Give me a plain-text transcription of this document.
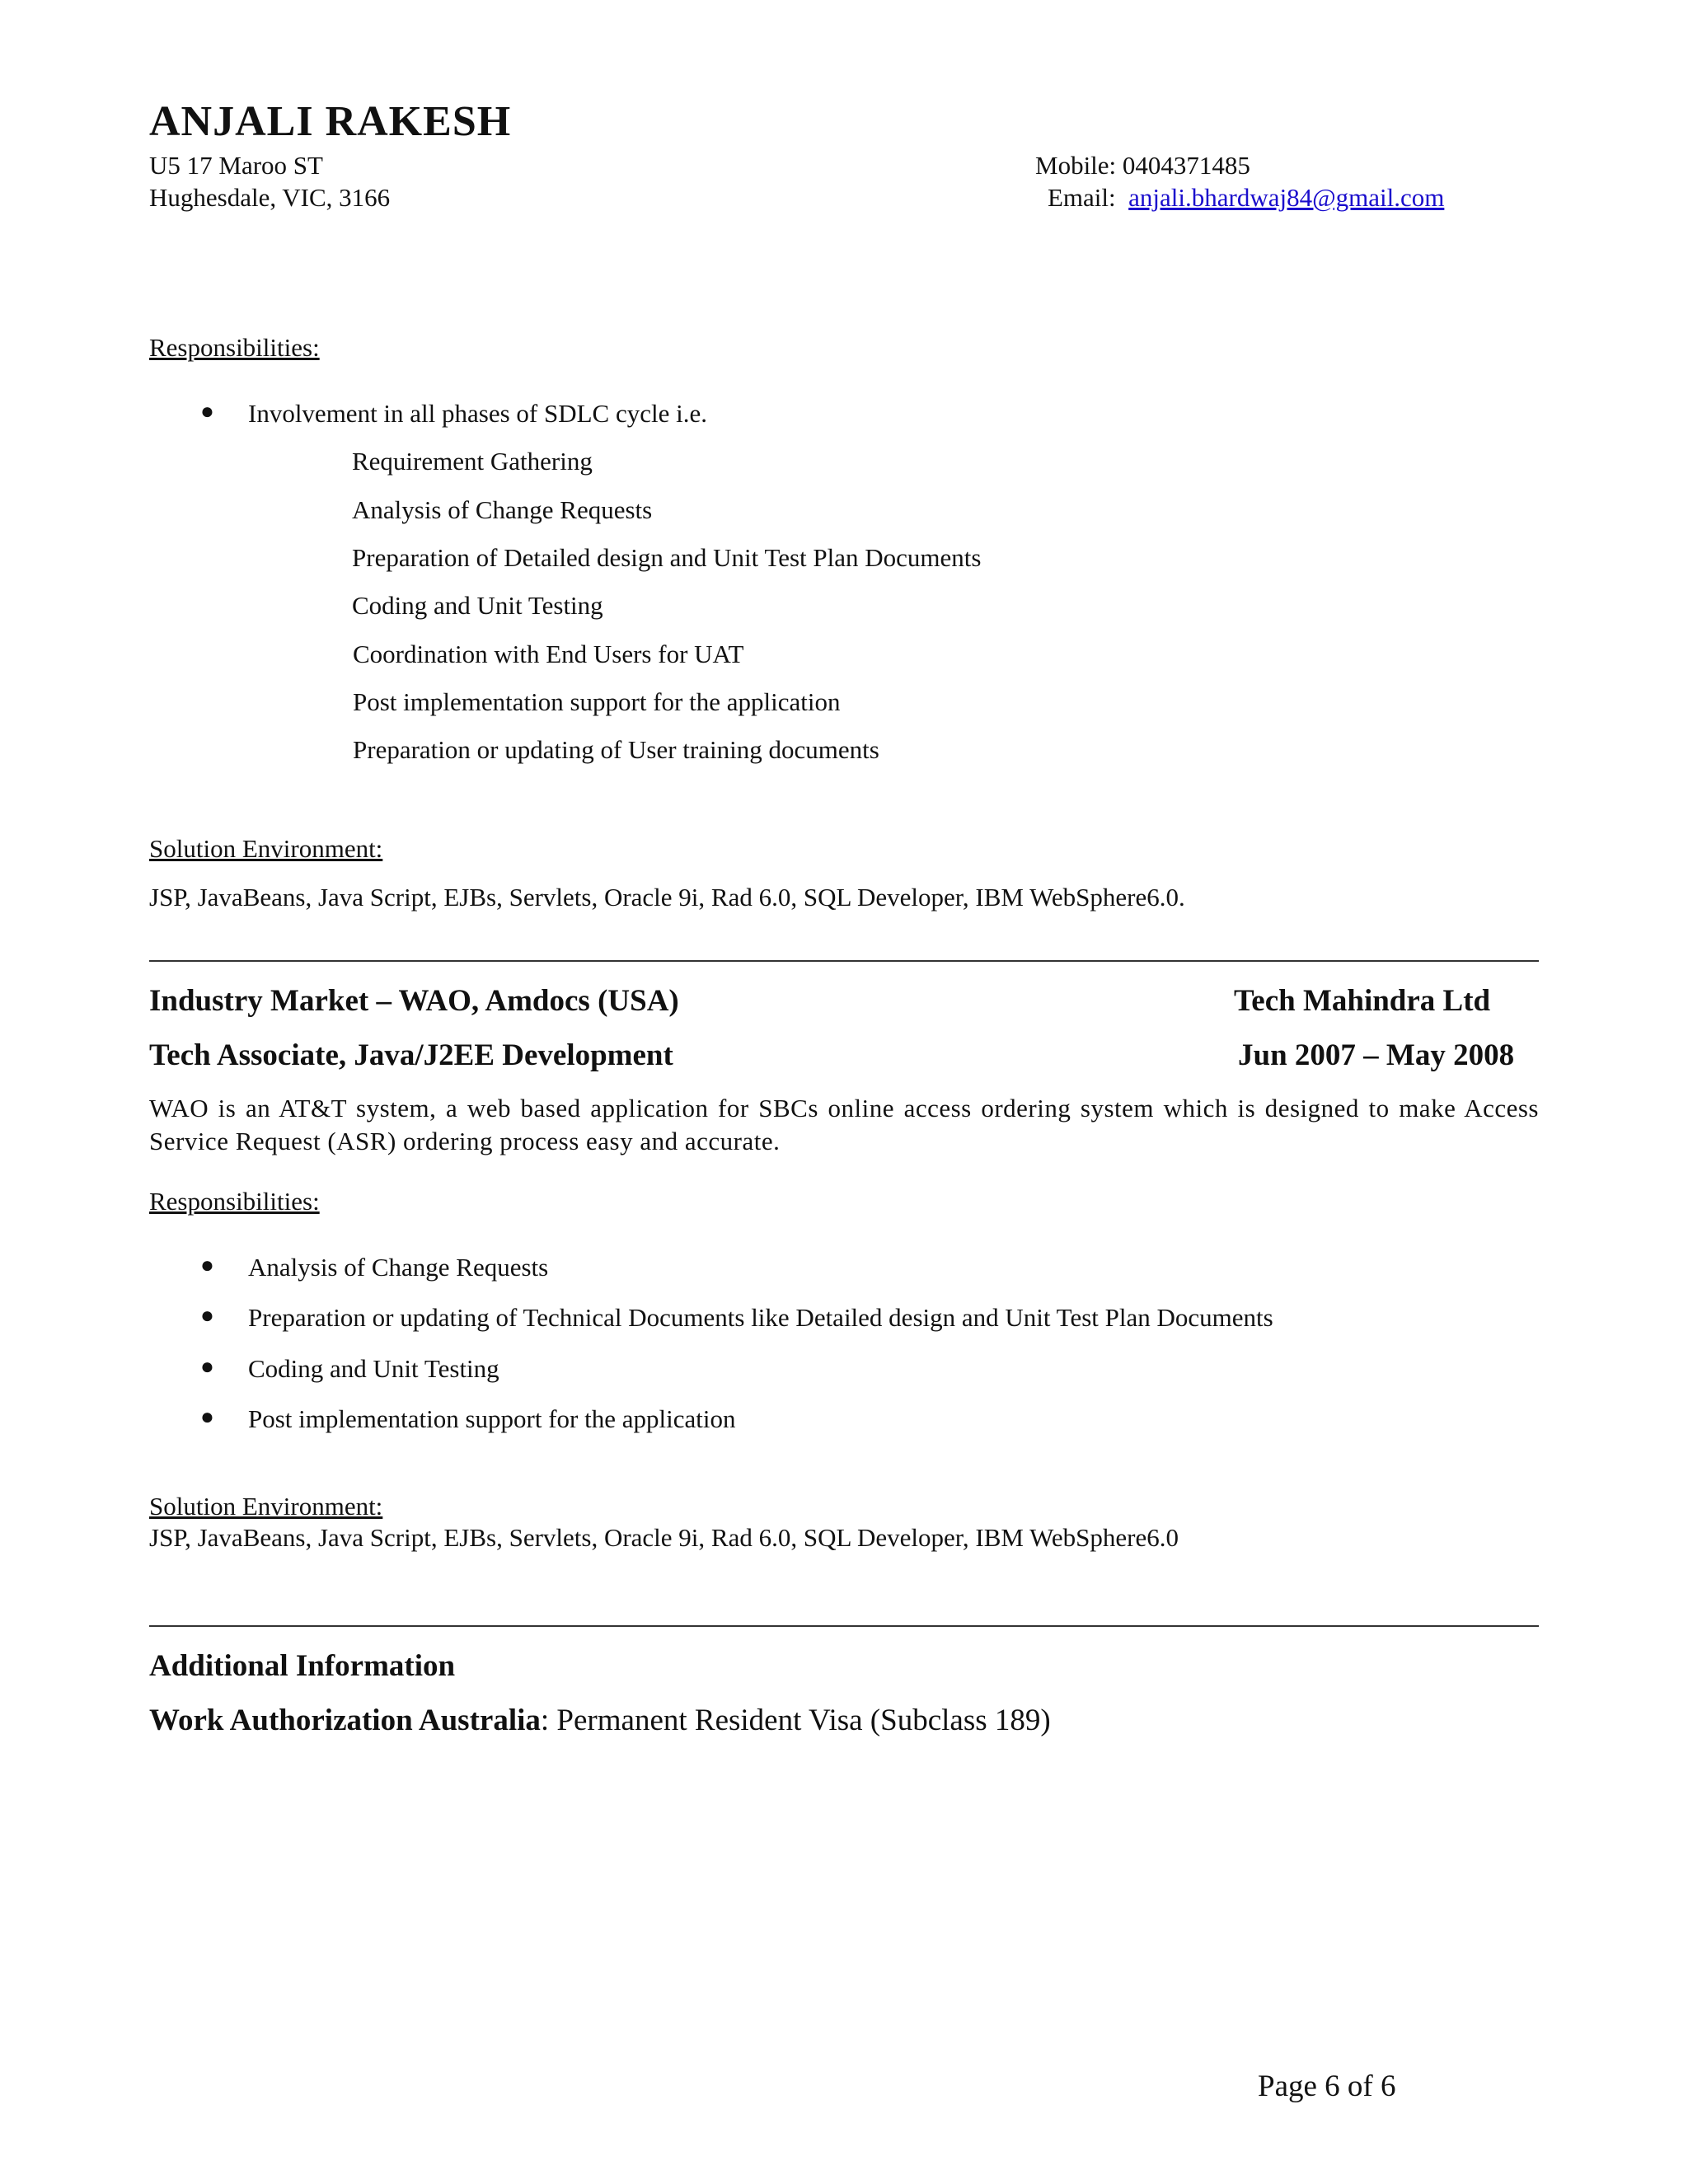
ANJALI RAKESH
U5 17 Maroo ST
Hughesdale, VIC, 3166
Mobile: 0404371485
Email: anjali.bhardwaj84@gmail.com
Responsibilities:
● Involvement in all phases of SDLC cycle i.e.
Requirement Gathering
Analysis of Change Requests
Preparation of Detailed design and Unit Test Plan Documents
Coding and Unit Testing
Coordination with End Users for UAT
Post implementation support for the application
Preparation or updating of User training documents
Solution Environment:
JSP, JavaBeans, Java Script, EJBs, Servlets, Oracle 9i, Rad 6.0, SQL Developer, IBM WebSphere6.0.
Industry Market – WAO, Amdocs (USA)	Tech Mahindra Ltd
Tech Associate, Java/J2EE Development	Jun 2007 – May 2008
WAO is an AT&T system, a web based application for SBCs online access ordering system which is designed to make Access Service Request (ASR) ordering process easy and accurate.
Responsibilities:
● Analysis of Change Requests
● Preparation or updating of Technical Documents like Detailed design and Unit Test Plan Documents
● Coding and Unit Testing
● Post implementation support for the application
Solution Environment:
JSP, JavaBeans, Java Script, EJBs, Servlets, Oracle 9i, Rad 6.0, SQL Developer, IBM WebSphere6.0
Additional Information
Work Authorization Australia: Permanent Resident Visa (Subclass 189)
Page 6 of 6
